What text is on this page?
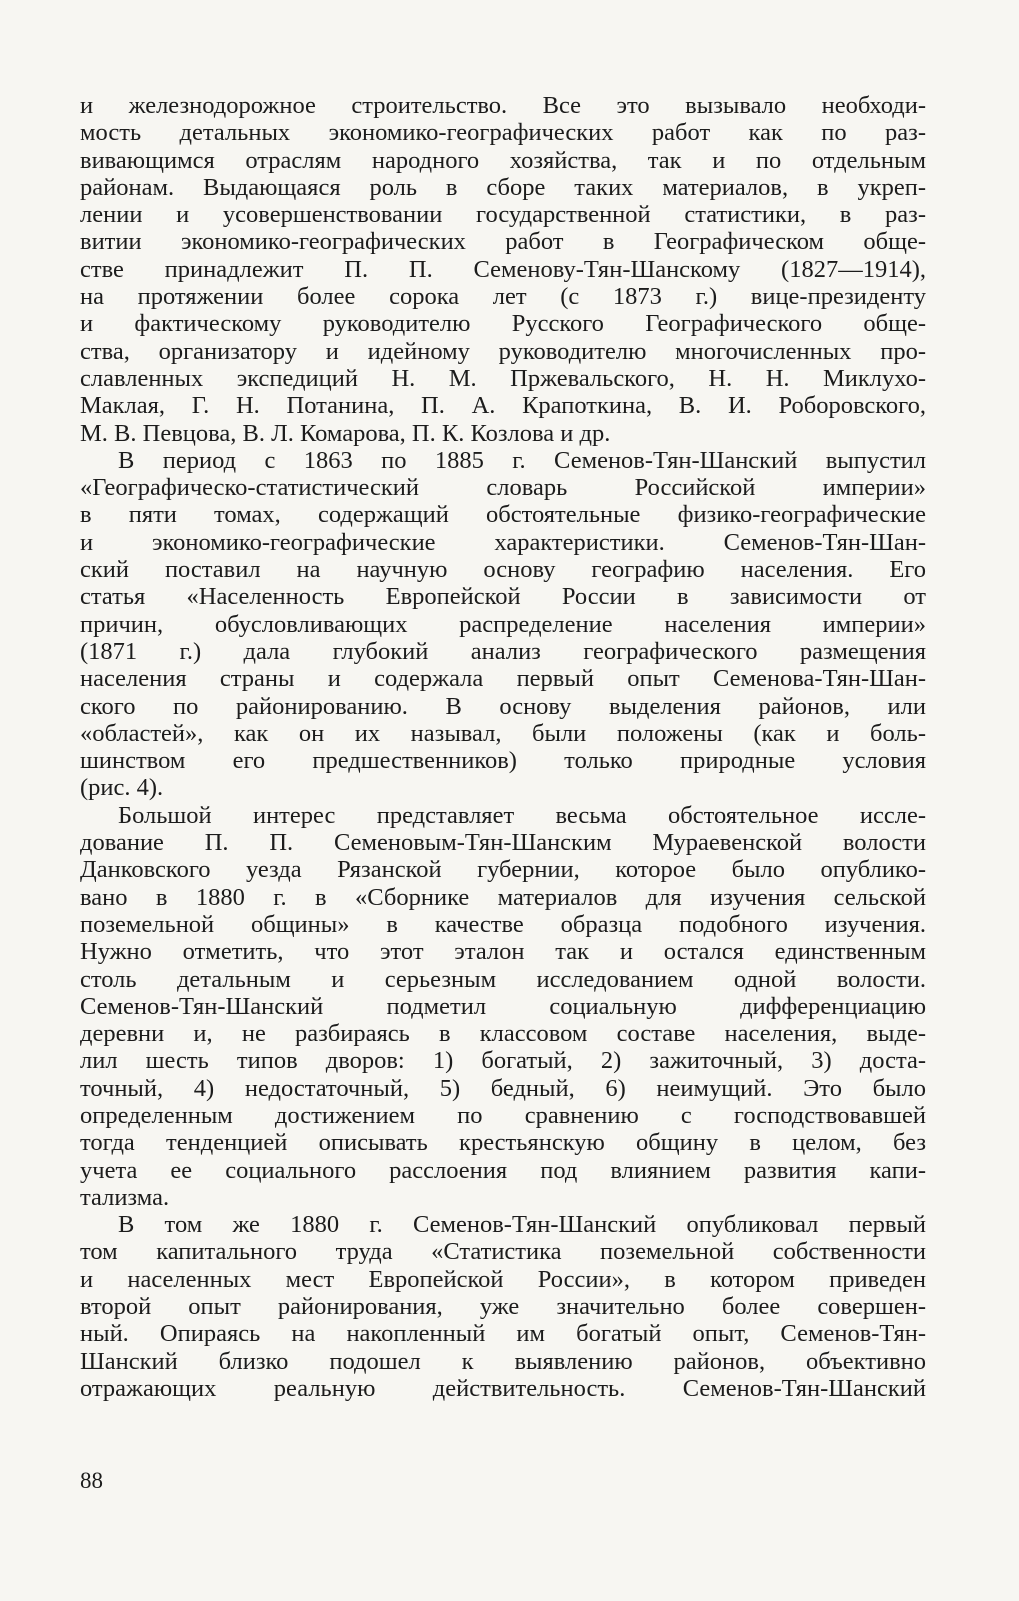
и железнодорожное строительство. Все это вызывало необходи-
мость детальных экономико-географических работ как по раз-
вивающимся отраслям народного хозяйства, так и по отдельным
районам. Выдающаяся роль в сборе таких материалов, в укреп-
лении и усовершенствовании государственной статистики, в раз-
витии экономико-географических работ в Географическом обще-
стве принадлежит П. П. Семенову-Тян-Шанскому (1827—1914),
на протяжении более сорока лет (с 1873 г.) вице-президенту
и фактическому руководителю Русского Географического обще-
ства, организатору и идейному руководителю многочисленных про-
славленных экспедиций Н. М. Пржевальского, Н. Н. Миклухо-
Маклая, Г. Н. Потанина, П. А. Крапоткина, В. И. Роборовского,
М. В. Певцова, В. Л. Комарова, П. К. Козлова и др.
В период с 1863 по 1885 г. Семенов-Тян-Шанский выпустил
«Географическо-статистический словарь Российской империи»
в пяти томах, содержащий обстоятельные физико-географические
и экономико-географические характеристики. Семенов-Тян-Шан-
ский поставил на научную основу географию населения. Его
статья «Населенность Европейской России в зависимости от
причин, обусловливающих распределение населения империи»
(1871 г.) дала глубокий анализ географического размещения
населения страны и содержала первый опыт Семенова-Тян-Шан-
ского по районированию. В основу выделения районов, или
«областей», как он их называл, были положены (как и боль-
шинством его предшественников) только природные условия
(рис. 4).
Большой интерес представляет весьма обстоятельное иссле-
дование П. П. Семеновым-Тян-Шанским Мураевенской волости
Данковского уезда Рязанской губернии, которое было опублико-
вано в 1880 г. в «Сборнике материалов для изучения сельской
поземельной общины» в качестве образца подобного изучения.
Нужно отметить, что этот эталон так и остался единственным
столь детальным и серьезным исследованием одной волости.
Семенов-Тян-Шанский подметил социальную дифференциацию
деревни и, не разбираясь в классовом составе населения, выде-
лил шесть типов дворов: 1) богатый, 2) зажиточный, 3) доста-
точный, 4) недостаточный, 5) бедный, 6) неимущий. Это было
определенным достижением по сравнению с господствовавшей
тогда тенденцией описывать крестьянскую общину в целом, без
учета ее социального расслоения под влиянием развития капи-
тализма.
В том же 1880 г. Семенов-Тян-Шанский опубликовал первый
том капитального труда «Статистика поземельной собственности
и населенных мест Европейской России», в котором приведен
второй опыт районирования, уже значительно более совершен-
ный. Опираясь на накопленный им богатый опыт, Семенов-Тян-
Шанский близко подошел к выявлению районов, объективно
отражающих реальную действительность. Семенов-Тян-Шанский
88
